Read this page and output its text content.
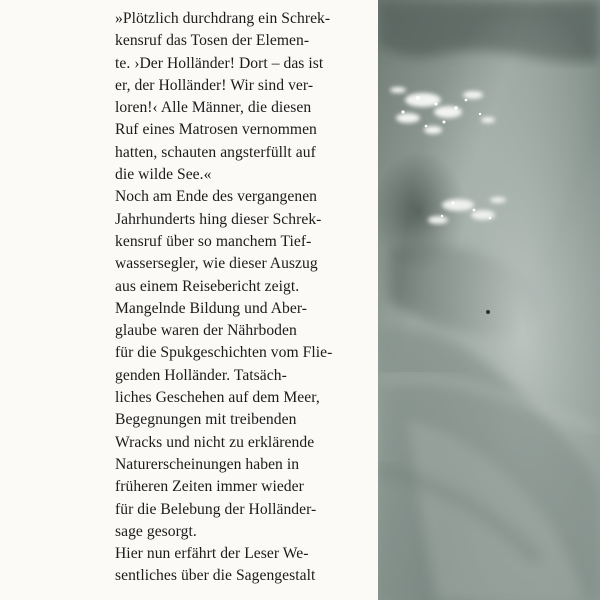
»Plötzlich durchdrang ein Schrek-
kensruf das Tosen der Elemen-
te. ›Der Holländer! Dort – das ist
er, der Holländer! Wir sind ver-
loren!‹ Alle Männer, die diesen
Ruf eines Matrosen vernommen
hatten, schauten angsterfüllt auf
die wilde See.«
Noch am Ende des vergangenen
Jahrhunderts hing dieser Schrek-
kensruf über so manchem Tief-
wassersegler, wie dieser Auszug
aus einem Reisebericht zeigt.
Mangelnde Bildung und Aber-
glaube waren der Nährboden
für die Spukgeschichten vom Flie-
genden Holländer. Tatsäch-
liches Geschehen auf dem Meer,
Begegnungen mit treibenden
Wracks und nicht zu erklärende
Naturerscheinungen haben in
früheren Zeiten immer wieder
für die Belebung der Holländer-
sage gesorgt.
Hier nun erfährt der Leser We-
sentliches über die Sagengestalt
